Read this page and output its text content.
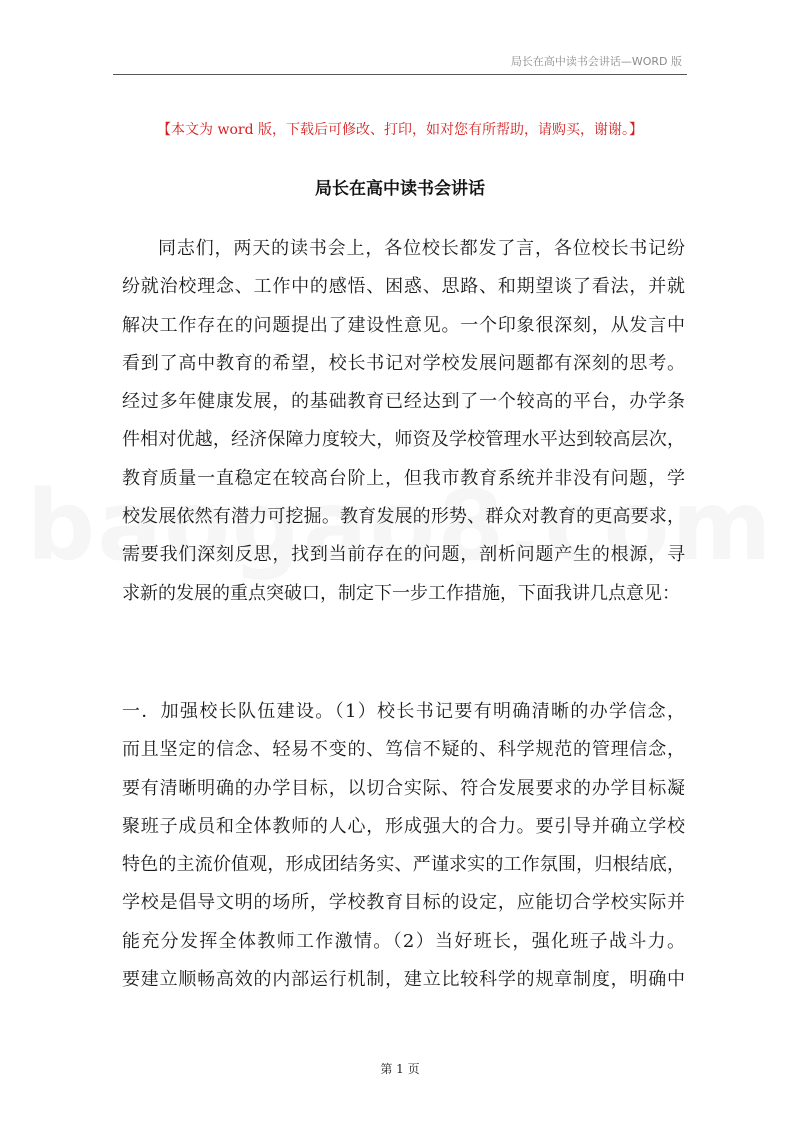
局长在高中读书会讲话—WORD 版
【本文为 word 版，下载后可修改、打印，如对您有所帮助，请购买，谢谢。】
局长在高中读书会讲话
同志们，两天的读书会上，各位校长都发了言，各位校长书记纷
纷就治校理念、工作中的感悟、困惑、思路、和期望谈了看法，并就
解决工作存在的问题提出了建设性意见。一个印象很深刻，从发言中
看到了高中教育的希望，校长书记对学校发展问题都有深刻的思考。
经过多年健康发展，的基础教育已经达到了一个较高的平台，办学条
件相对优越，经济保障力度较大，师资及学校管理水平达到较高层次，
教育质量一直稳定在较高台阶上，但我市教育系统并非没有问题，学
校发展依然有潜力可挖掘。教育发展的形势、群众对教育的更高要求，
需要我们深刻反思，找到当前存在的问题，剖析问题产生的根源，寻
求新的发展的重点突破口，制定下一步工作措施，下面我讲几点意见：
一．加强校长队伍建设。（1）校长书记要有明确清晰的办学信念，
而且坚定的信念、轻易不变的、笃信不疑的、科学规范的管理信念，
要有清晰明确的办学目标，以切合实际、符合发展要求的办学目标凝
聚班子成员和全体教师的人心，形成强大的合力。要引导并确立学校
特色的主流价值观，形成团结务实、严谨求实的工作氛围，归根结底，
学校是倡导文明的场所，学校教育目标的设定，应能切合学校实际并
能充分发挥全体教师工作激情。（2）当好班长，强化班子战斗力。
要建立顺畅高效的内部运行机制，建立比较科学的规章制度，明确中
第 1 页
